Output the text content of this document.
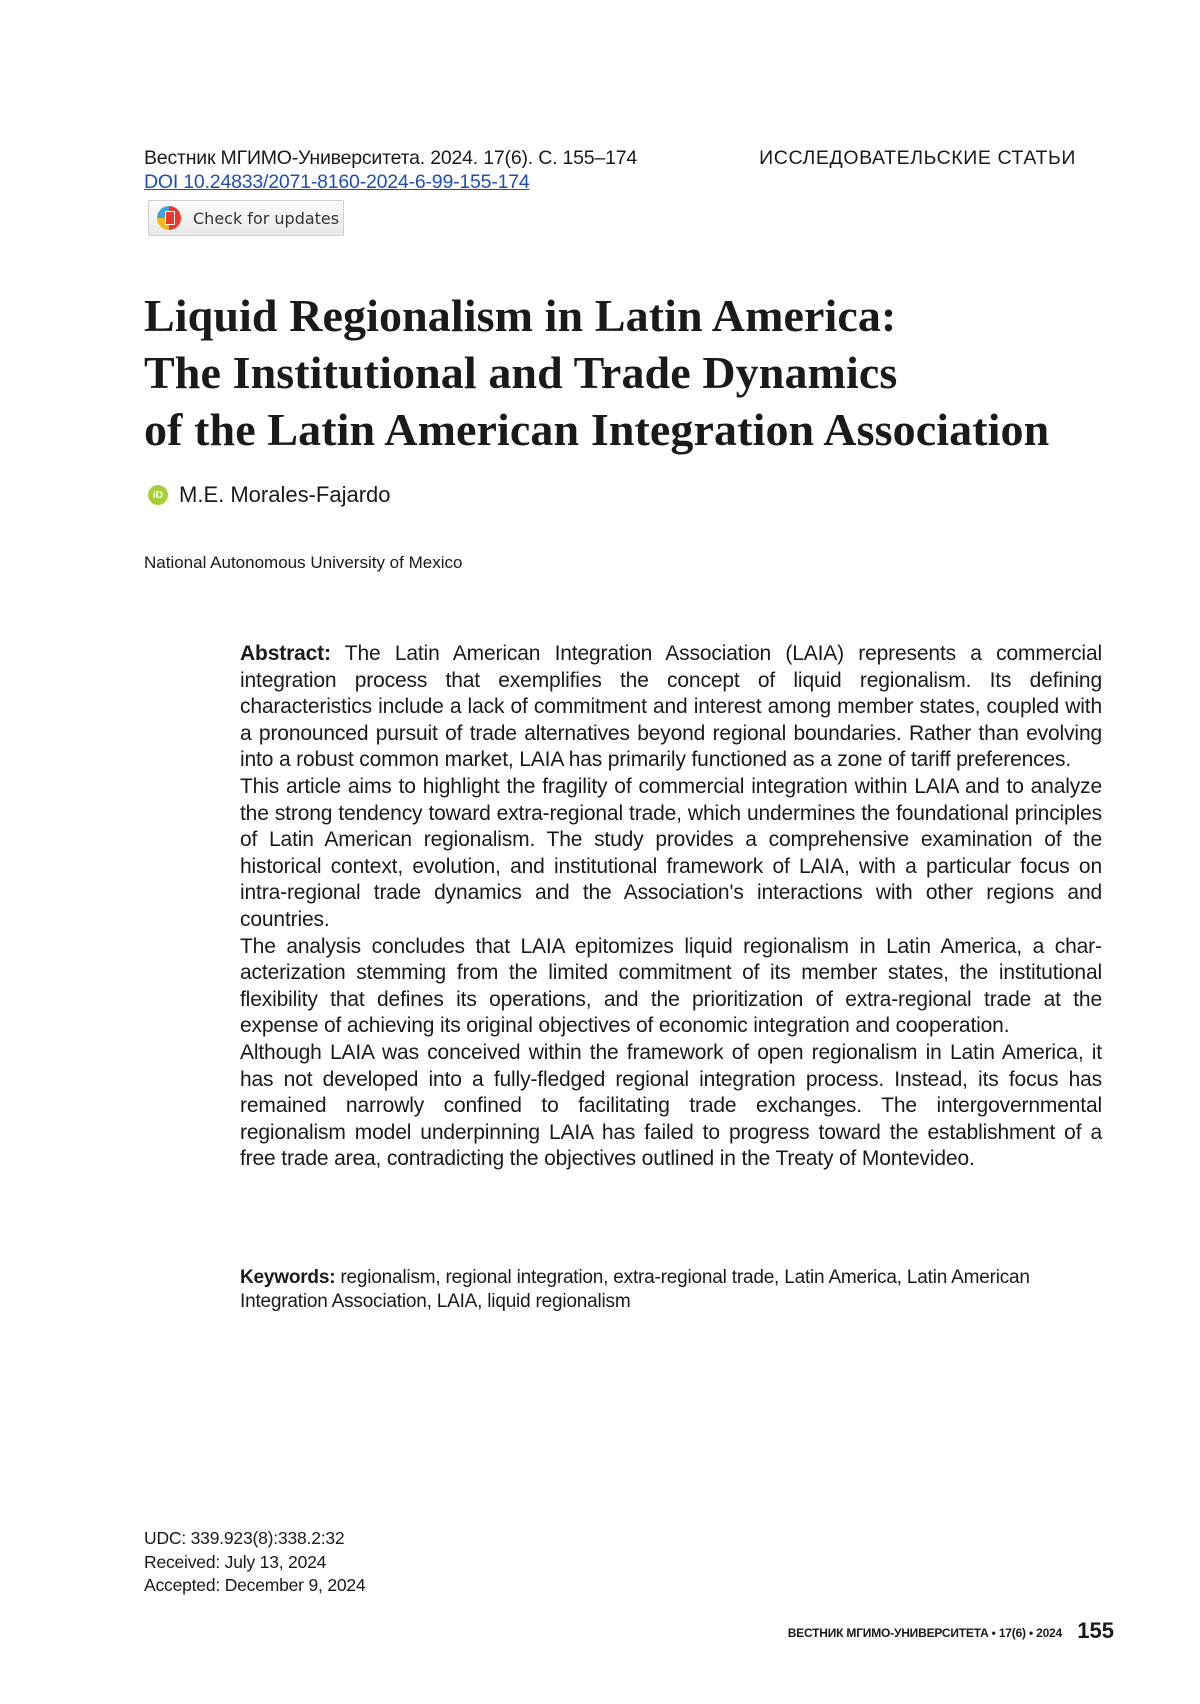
Вестник МГИМО-Университета. 2024. 17(6). С. 155–174	ИССЛЕДОВАТЕЛЬСКИЕ СТАТЬИ
DOI 10.24833/2071-8160-2024-6-99-155-174
Check for updates
Liquid Regionalism in Latin America:
The Institutional and Trade Dynamics
of the Latin American Integration Association
iD M.E. Morales-Fajardo
National Autonomous University of Mexico

Abstract: The Latin American Integration Association (LAIA) represents a commer­cial integration process that exemplifies the concept of liquid regionalism. Its defin­ing characteristics include a lack of commitment and interest among member states, coupled with a pronounced pursuit of trade alternatives beyond regional boundaries. Rather than evolving into a robust common market, LAIA has primarily functioned as a zone of tariff preferences.

This article aims to highlight the fragility of commercial integration within LAIA and to analyze the strong tendency toward extra-regional trade, which undermines the foun­dational principles of Latin American regionalism. The study provides a comprehensive examination of the historical context, evolution, and institutional framework of LAIA, with a particular focus on intra-regional trade dynamics and the Association's interac­tions with other regions and countries.

The analysis concludes that LAIA epitomizes liquid regionalism in Latin America, a char­acterization stemming from the limited commitment of its member states, the insti­tutional flexibility that defines its operations, and the prioritization of extra-regional trade at the expense of achieving its original objectives of economic integration and cooperation.

Although LAIA was conceived within the framework of open regionalism in Latin Amer­ica, it has not developed into a fully-fledged regional integration process. Instead, its focus has remained narrowly confined to facilitating trade exchanges. The intergov­ernmental regionalism model underpinning LAIA has failed to progress toward the es­tablishment of a free trade area, contradicting the objectives outlined in the Treaty of Montevideo.

Keywords: regionalism, regional integration, extra-regional trade, Latin America, Latin American Integration Association, LAIA, liquid regionalism
UDC: 339.923(8):338.2:32
Received: July 13, 2024
Accepted: December 9, 2024
ВЕСТНИК МГИМО-УНИВЕРСИТЕТА • 17(6) • 2024 155
